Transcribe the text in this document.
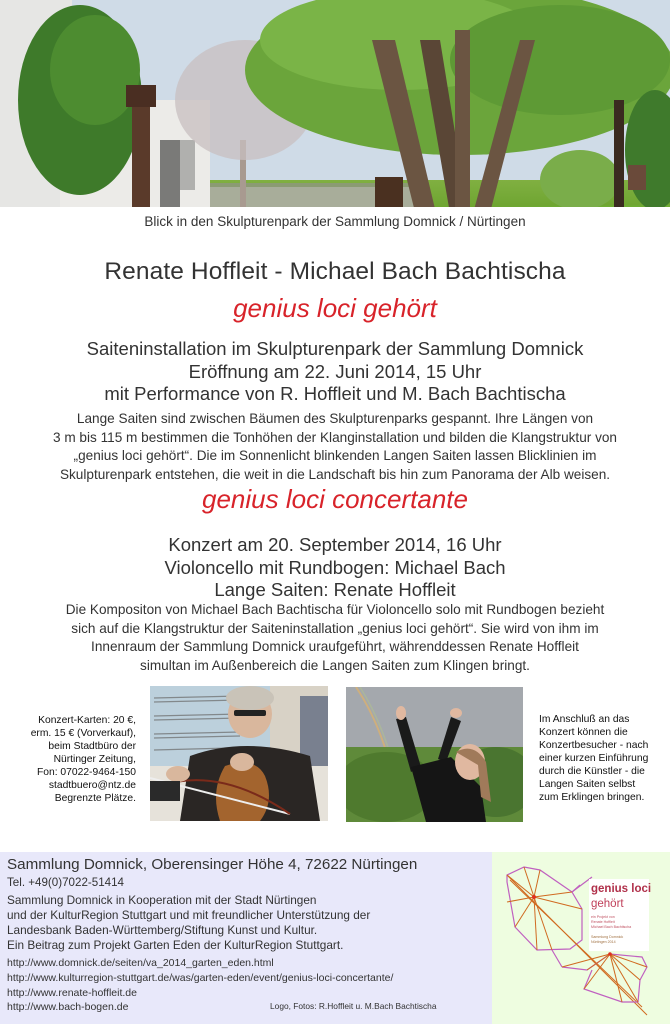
Blick in den Skulpturenpark der Sammlung Domnick / Nürtingen
Renate Hoffleit - Michael Bach Bachtischa
genius loci gehört
Saiteninstallation im Skulpturenpark der Sammlung Domnick
Eröffnung am 22. Juni 2014, 15 Uhr
mit Performance von R. Hoffleit und M. Bach Bachtischa
Lange Saiten sind zwischen Bäumen des Skulpturenparks gespannt. Ihre Längen von
3 m bis 115 m bestimmen die Tonhöhen der Klanginstallation und bilden die Klangstruktur von
„genius loci gehört“. Die im Sonnenlicht blinkenden Langen Saiten lassen Blicklinien im
Skulpturenpark entstehen, die weit in die Landschaft bis hin zum Panorama der Alb weisen.
genius loci concertante
Konzert am 20. September 2014, 16 Uhr
Violoncello mit Rundbogen: Michael Bach
Lange Saiten: Renate Hoffleit
Die Kompositon von Michael Bach Bachtischa für Violoncello solo mit Rundbogen bezieht
sich auf die Klangstruktur der Saiteninstallation „genius loci gehört“. Sie wird von ihm im
Innenraum der Sammlung Domnick uraufgeführt, währenddessen Renate Hoffleit
simultan im Außenbereich die Langen Saiten zum Klingen bringt.
Konzert-Karten: 20 €,
erm. 15 € (Vorverkauf),
beim Stadtbüro der
Nürtinger Zeitung,
Fon: 07022-9464-150
stadtbuero@ntz.de
Begrenzte Plätze.
Im Anschluß an das
Konzert können die
Konzertbesucher - nach
einer kurzen Einführung
durch die Künstler - die
Langen Saiten selbst
zum Erklingen bringen.
Sammlung Domnick, Oberensinger Höhe 4, 72622 Nürtingen
Tel. +49(0)7022-51414
Sammlung Domnick in Kooperation mit der Stadt Nürtingen
und der KulturRegion Stuttgart und mit freundlicher Unterstützung der
Landesbank Baden-Württemberg/Stiftung Kunst und Kultur.
Ein Beitrag zum Projekt Garten Eden der KulturRegion Stuttgart.
http://www.domnick.de/seiten/va_2014_garten_eden.html
http://www.kulturregion-stuttgart.de/was/garten-eden/event/genius-loci-concertante/
http://www.renate-hoffleit.de
http://www.bach-bogen.de	Logo, Fotos: R.Hoffleit u. M.Bach Bachtischa
genius loci
gehört
ein Projekt von
Renate Hoffleit
Michael Bach Bachtischa
Sammlung Domnick
Nürtingen 2014
